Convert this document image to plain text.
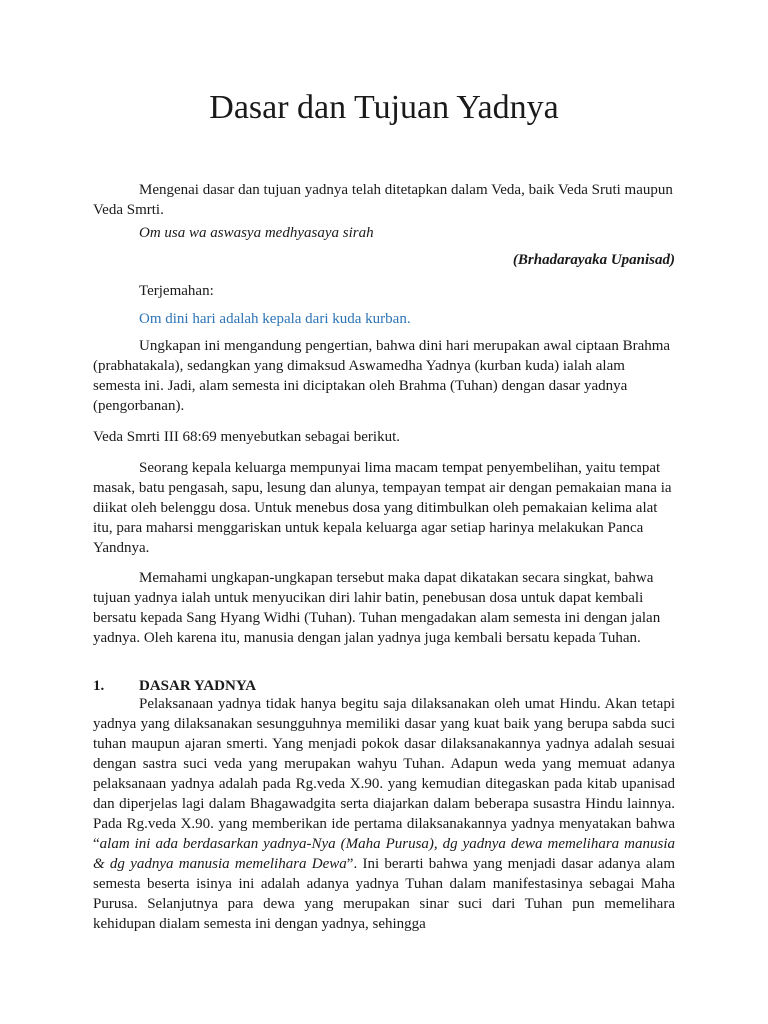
Dasar dan Tujuan Yadnya

Mengenai dasar dan tujuan yadnya telah ditetapkan dalam Veda, baik Veda Sruti maupun Veda Smrti.

Om usa wa aswasya medhyasaya sirah

(Brhadarayaka Upanisad)

Terjemahan:

Om dini hari adalah kepala dari kuda kurban.

Ungkapan ini mengandung pengertian, bahwa dini hari merupakan awal ciptaan Brahma (prabhatakala), sedangkan yang dimaksud Aswamedha Yadnya (kurban kuda) ialah alam semesta ini. Jadi, alam semesta ini diciptakan oleh Brahma (Tuhan) dengan dasar yadnya (pengorbanan).

Veda Smrti III 68:69 menyebutkan sebagai berikut.

Seorang kepala keluarga mempunyai lima macam tempat penyembelihan, yaitu tempat masak, batu pengasah, sapu, lesung dan alunya, tempayan tempat air dengan pemakaian mana ia diikat oleh belenggu dosa. Untuk menebus dosa yang ditimbulkan oleh pemakaian kelima alat itu, para maharsi menggariskan untuk kepala keluarga agar setiap harinya melakukan Panca Yandnya.

Memahami ungkapan-ungkapan tersebut maka dapat dikatakan secara singkat, bahwa tujuan yadnya ialah untuk menyucikan diri lahir batin, penebusan dosa untuk dapat kembali bersatu kepada Sang Hyang Widhi (Tuhan). Tuhan mengadakan alam semesta ini dengan jalan yadnya. Oleh karena itu, manusia dengan jalan yadnya juga kembali bersatu kepada Tuhan.

1. DASAR YADNYA

Pelaksanaan yadnya tidak hanya begitu saja dilaksanakan oleh umat Hindu. Akan tetapi yadnya yang dilaksanakan sesungguhnya memiliki dasar yang kuat baik yang berupa sabda suci tuhan maupun ajaran smerti. Yang menjadi pokok dasar dilaksanakannya yadnya adalah sesuai dengan sastra suci veda yang merupakan wahyu Tuhan. Adapun weda yang memuat adanya pelaksanaan yadnya adalah pada Rg.veda X.90. yang kemudian ditegaskan pada kitab upanisad dan diperjelas lagi dalam Bhagawadgita serta diajarkan dalam beberapa susastra Hindu lainnya. Pada Rg.veda X.90. yang memberikan ide pertama dilaksanakannya yadnya menyatakan bahwa “alam ini ada berdasarkan yadnya-Nya (Maha Purusa), dg yadnya dewa memelihara manusia & dg yadnya manusia memelihara Dewa”. Ini berarti bahwa yang menjadi dasar adanya alam semesta beserta isinya ini adalah adanya yadnya Tuhan dalam manifestasinya sebagai Maha Purusa. Selanjutnya para dewa yang merupakan sinar suci dari Tuhan pun memelihara kehidupan dialam semesta ini dengan yadnya, sehingga
